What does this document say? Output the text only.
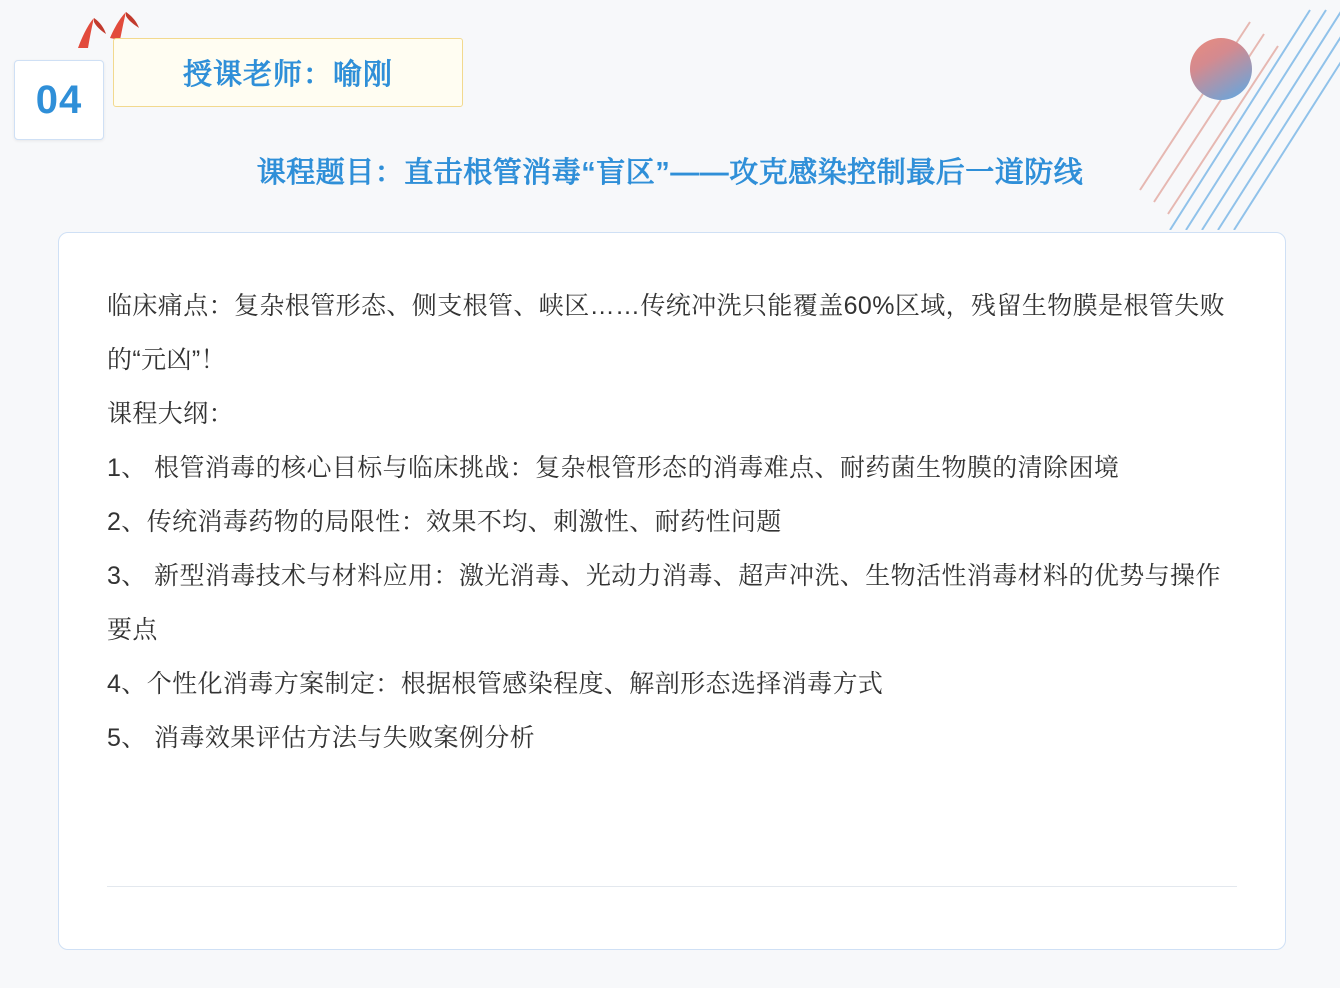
04
授课老师：喻刚
课程题目：直击根管消毒“盲区”——攻克感染控制最后一道防线

临床痛点：复杂根管形态、侧支根管、峡区……传统冲洗只能覆盖60%区域，残留生物膜是根管失败的“元凶”！

课程大纲：

1、 根管消毒的核心目标与临床挑战：复杂根管形态的消毒难点、耐药菌生物膜的清除困境

2、传统消毒药物的局限性：效果不均、刺激性、耐药性问题

3、 新型消毒技术与材料应用：激光消毒、光动力消毒、超声冲洗、生物活性消毒材料的优势与操作要点

4、个性化消毒方案制定：根据根管感染程度、解剖形态选择消毒方式

5、 消毒效果评估方法与失败案例分析
